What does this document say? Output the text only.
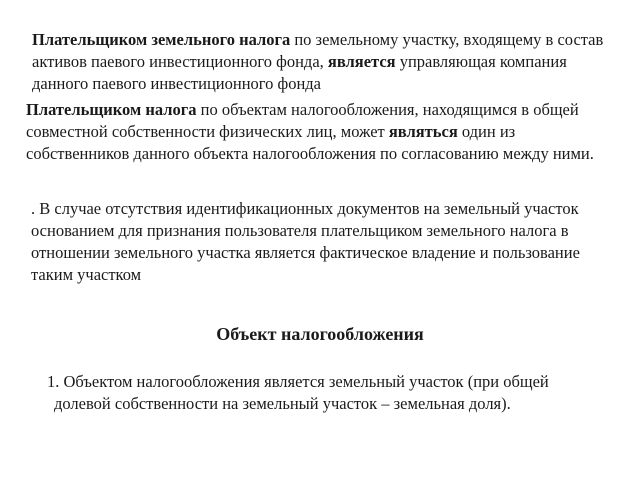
Плательщиком земельного налога по земельному участку, входящему в состав активов паевого инвестиционного фонда, является управляющая компания данного паевого инвестиционного фонда

Плательщиком налога по объектам налогообложения, находящимся в общей совместной собственности физических лиц, может являться один из собственников данного объекта налогообложения по согласованию между ними.

. В случае отсутствия идентификационных документов на земельный участок основанием для признания пользователя плательщиком земельного налога в отношении земельного участка является фактическое владение и пользование таким участком

Объект налогообложения

1. Объектом налогообложения является земельный участок (при общей
долевой собственности на земельный участок – земельная доля).
